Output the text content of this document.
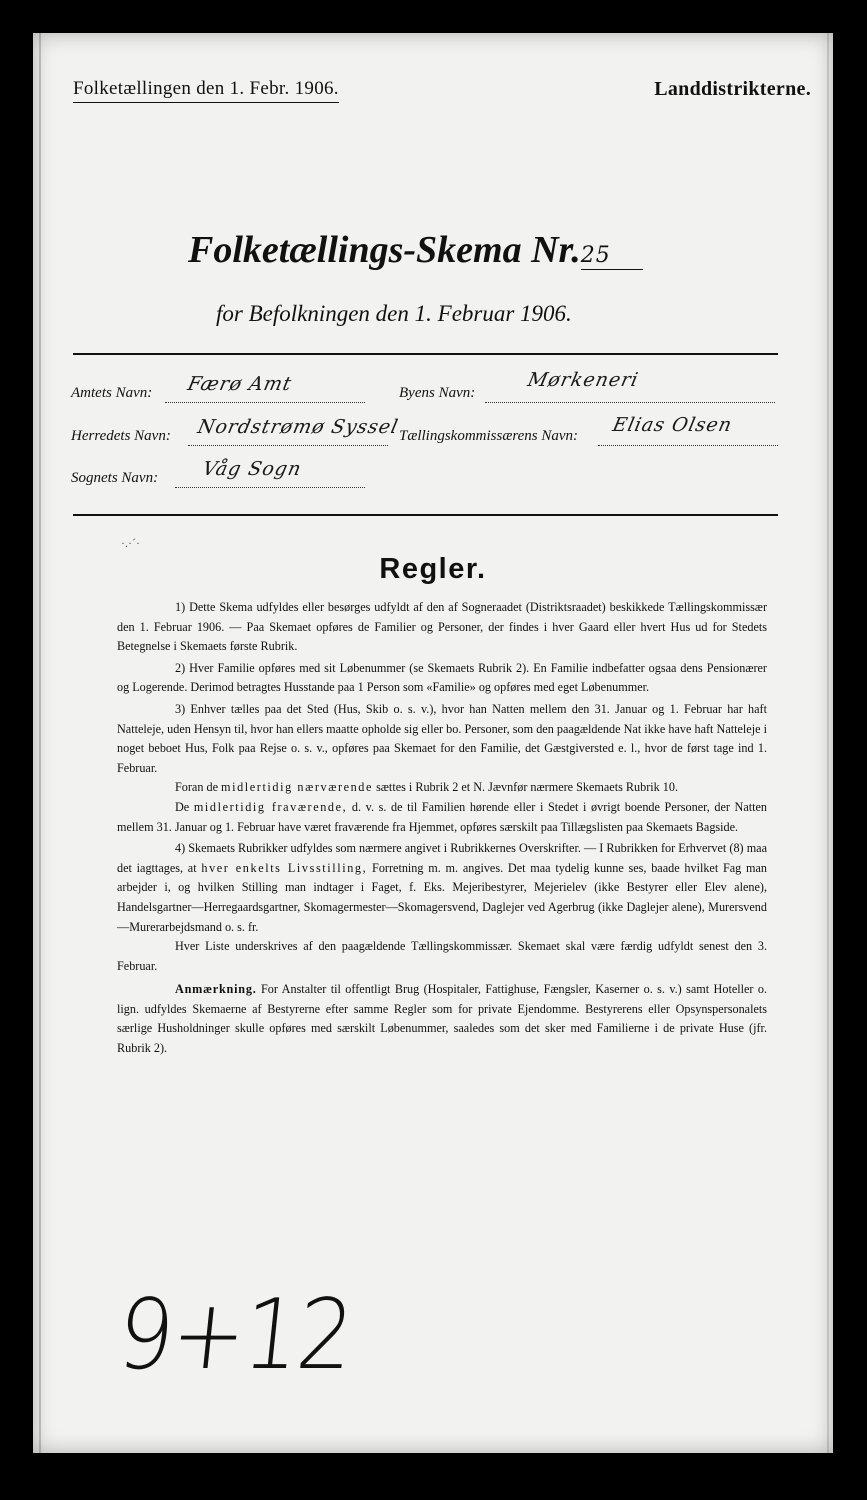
Folketællingen den 1. Febr. 1906.	Landdistrikterne.
Folketællings-Skema Nr.25
for Befolkningen den 1. Februar 1906.
Amtets Navn: Færø Amt	Byens Navn:
Mørkeneri
Herredets Navn: Nordstrømø Syssel
Tællingskommissærens Navn: Elias Olsen
Sognets Navn: Våg Sogn
·.·´·
Regler.

1) Dette Skema udfyldes eller besørges udfyldt af den af Sogneraadet (Distriktsraadet) beskikkede Tællingskommissær den 1. Februar 1906. — Paa Skemaet opføres de Familier og Personer, der findes i hver Gaard eller hvert Hus ud for Stedets Betegnelse i Skemaets første Rubrik.

2) Hver Familie opføres med sit Løbenummer (se Skemaets Rubrik 2). En Familie indbefatter ogsaa dens Pensionærer og Logerende. Derimod betragtes Husstande paa 1 Person som «Familie» og opføres med eget Løbenummer.

3) Enhver tælles paa det Sted (Hus, Skib o. s. v.), hvor han Natten mellem den 31. Januar og 1. Februar har haft Natteleje, uden Hensyn til, hvor han ellers maatte opholde sig eller bo. Personer, som den paagældende Nat ikke have haft Natteleje i noget beboet Hus, Folk paa Rejse o. s. v., opføres paa Skemaet for den Familie, det Gæstgiversted e. l., hvor de først tage ind 1. Februar.

Foran de midlertidig nærværende sættes i Rubrik 2 et N. Jævnfør nærmere Skemaets Rubrik 10.

De midlertidig fraværende, d. v. s. de til Familien hørende eller i Stedet i øvrigt boende Personer, der Natten mellem 31. Januar og 1. Februar have været fraværende fra Hjemmet, opføres særskilt paa Tillægslisten paa Skemaets Bagside.

4) Skemaets Rubrikker udfyldes som nærmere angivet i Rubrikkernes Overskrifter. — I Rubrikken for Erhvervet (8) maa det iagttages, at hver enkelts Livsstilling, Forretning m. m. angives. Det maa tydelig kunne ses, baade hvilket Fag man arbejder i, og hvilken Stilling man indtager i Faget, f. Eks. Mejeribestyrer, Mejerielev (ikke Bestyrer eller Elev alene), Handelsgartner—Herregaardsgartner, Skomagermester—Skomagersvend, Daglejer ved Agerbrug (ikke Daglejer alene), Murersvend—Murerarbejdsmand o. s. fr.

Hver Liste underskrives af den paagældende Tællingskommissær. Skemaet skal være færdig udfyldt senest den 3. Februar.

Anmærkning. For Anstalter til offentligt Brug (Hospitaler, Fattighuse, Fængsler, Kaserner o. s. v.) samt Hoteller o. lign. udfyldes Skemaerne af Bestyrerne efter samme Regler som for private Ejendomme. Bestyrerens eller Opsynspersonalets særlige Husholdninger skulle opføres med særskilt Løbenummer, saaledes som det sker med Familierne i de private Huse (jfr. Rubrik 2).

9+12
